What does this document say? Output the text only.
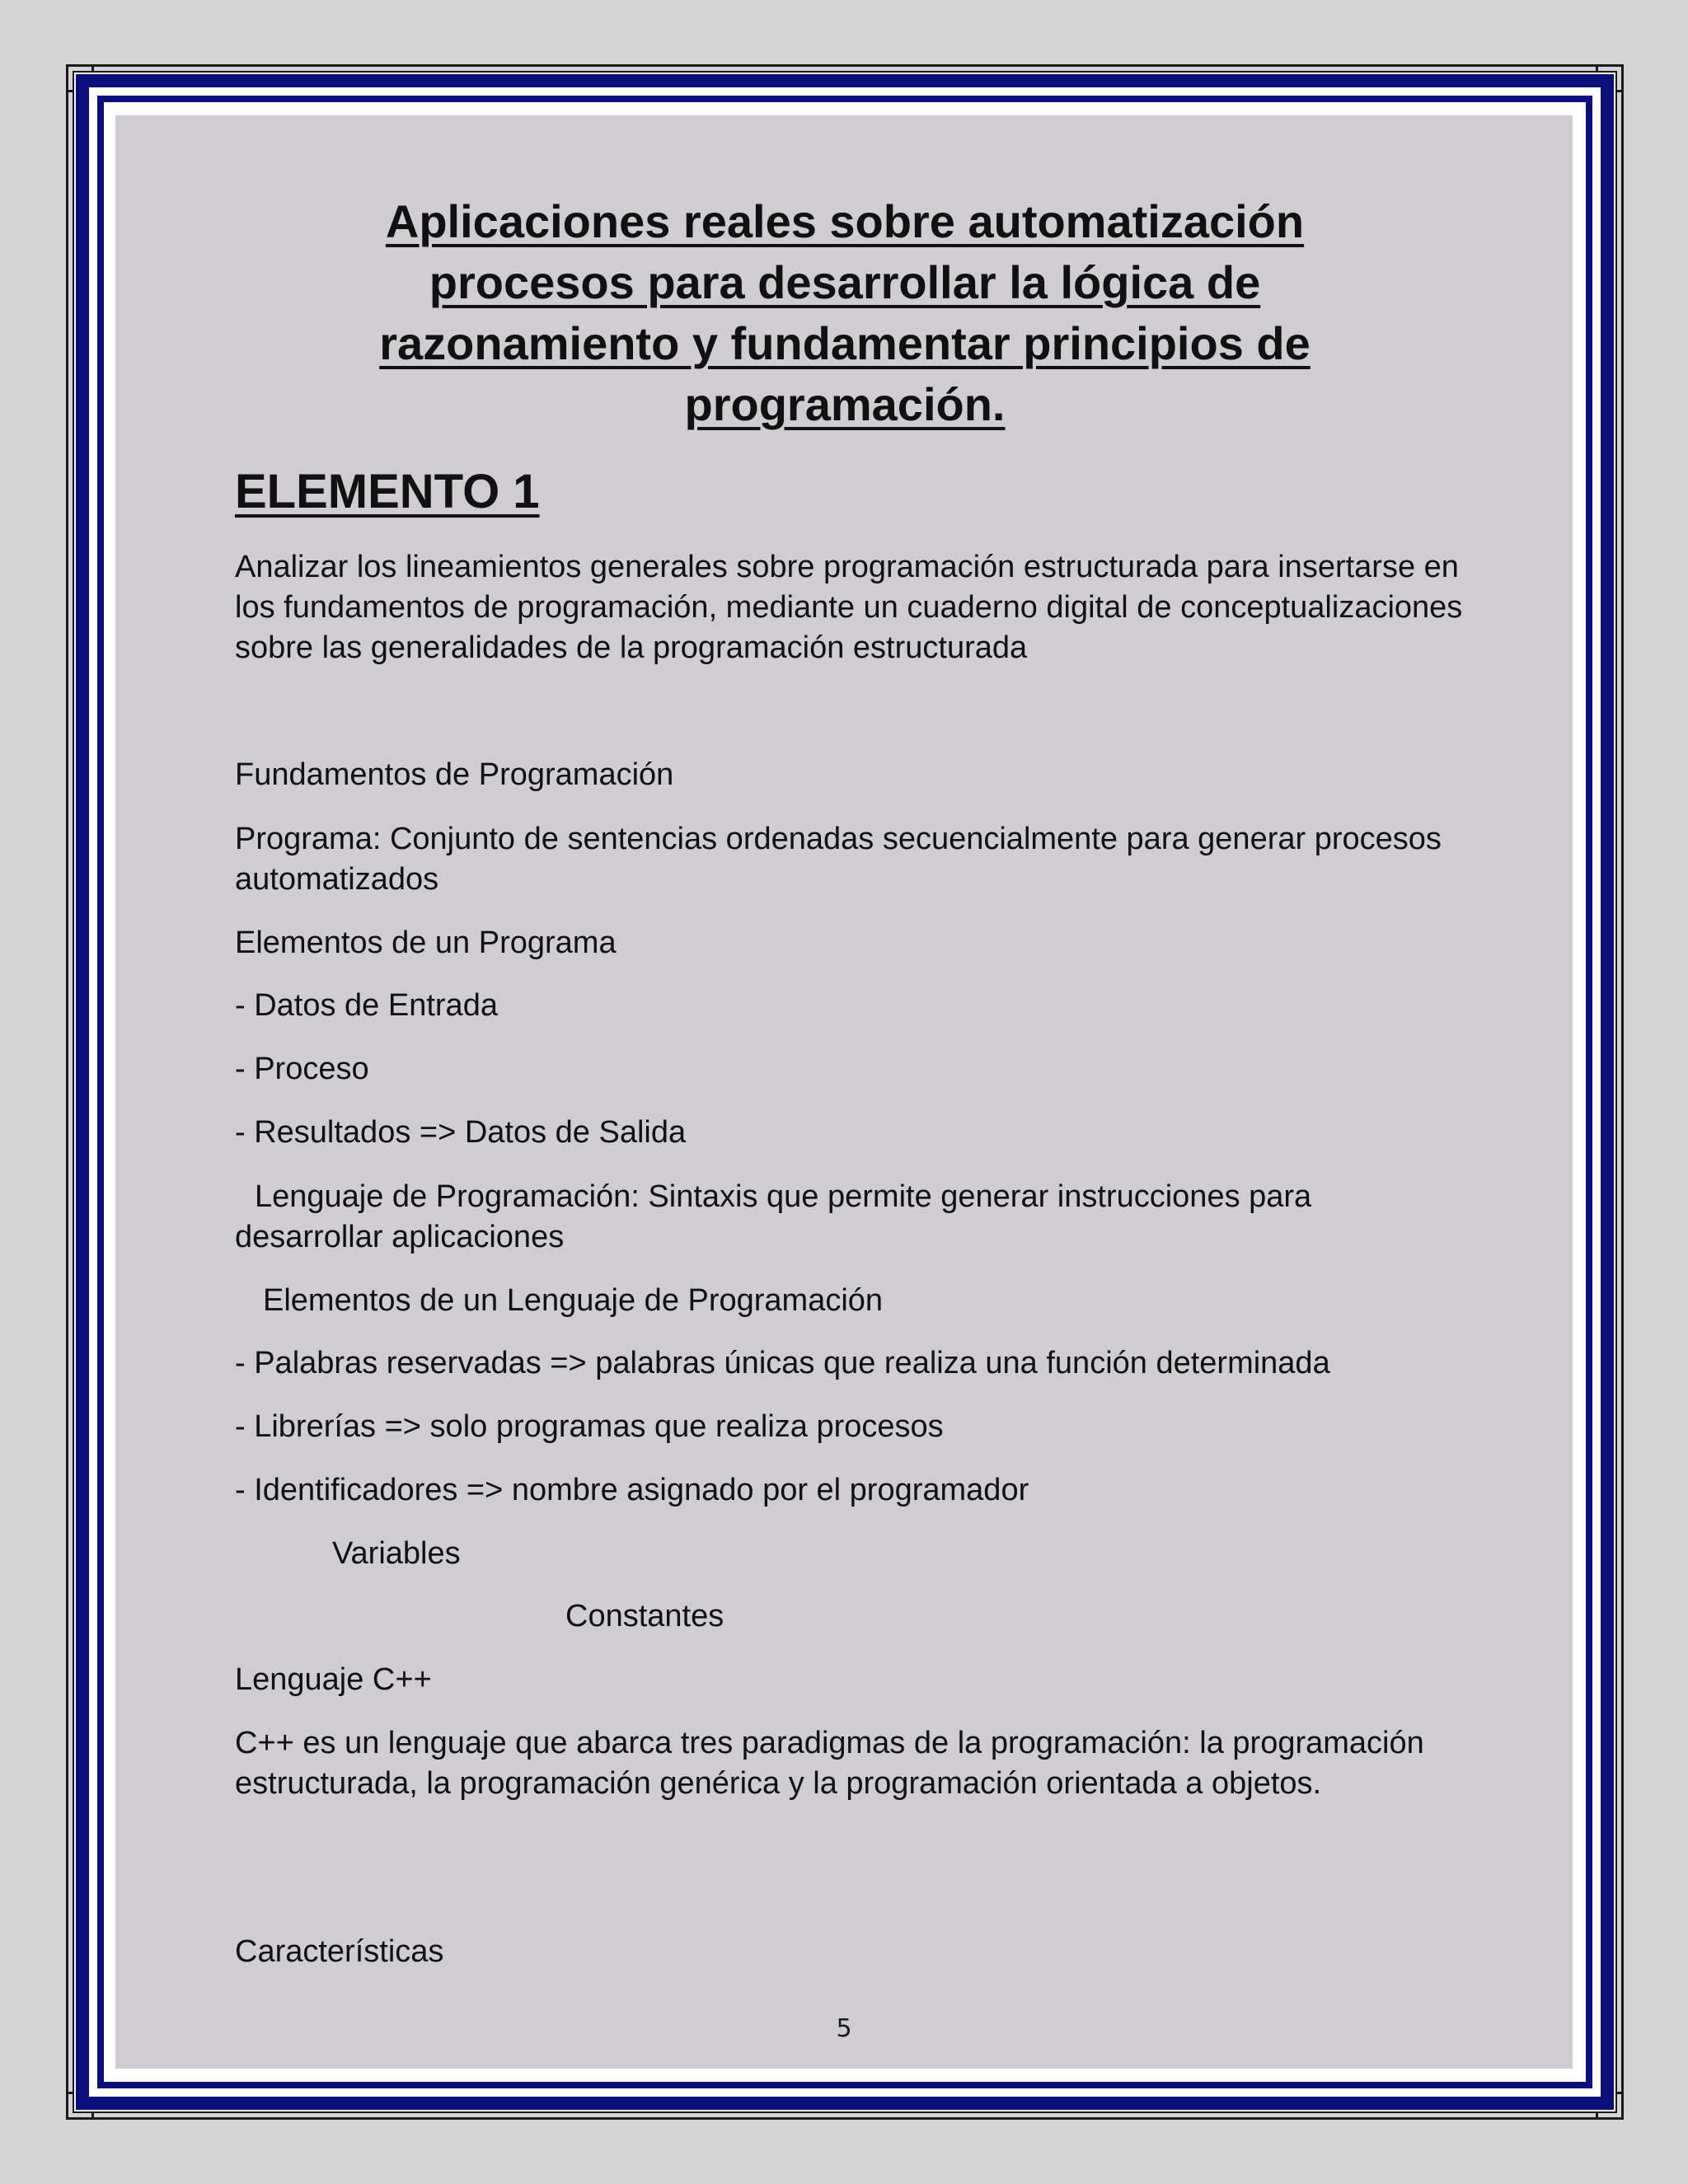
Aplicaciones reales sobre automatización procesos para desarrollar la lógica de razonamiento y fundamentar principios de programación.
ELEMENTO 1

Analizar los lineamientos generales sobre programación estructurada para insertarse en los fundamentos de programación, mediante un cuaderno digital de conceptualizaciones sobre las generalidades de la programación estructurada

Fundamentos de Programación

Programa: Conjunto de sentencias ordenadas secuencialmente para generar procesos automatizados

Elementos de un Programa

- Datos de Entrada

- Proceso

- Resultados => Datos de Salida

Lenguaje de Programación: Sintaxis que permite generar instrucciones para desarrollar aplicaciones

Elementos de un Lenguaje de Programación

- Palabras reservadas => palabras únicas que realiza una función determinada

- Librerías => solo programas que realiza procesos

- Identificadores => nombre asignado por el programador

Variables

Constantes

Lenguaje C++

C++ es un lenguaje que abarca tres paradigmas de la programación: la programación estructurada, la programación genérica y la programación orientada a objetos.

Características

5
